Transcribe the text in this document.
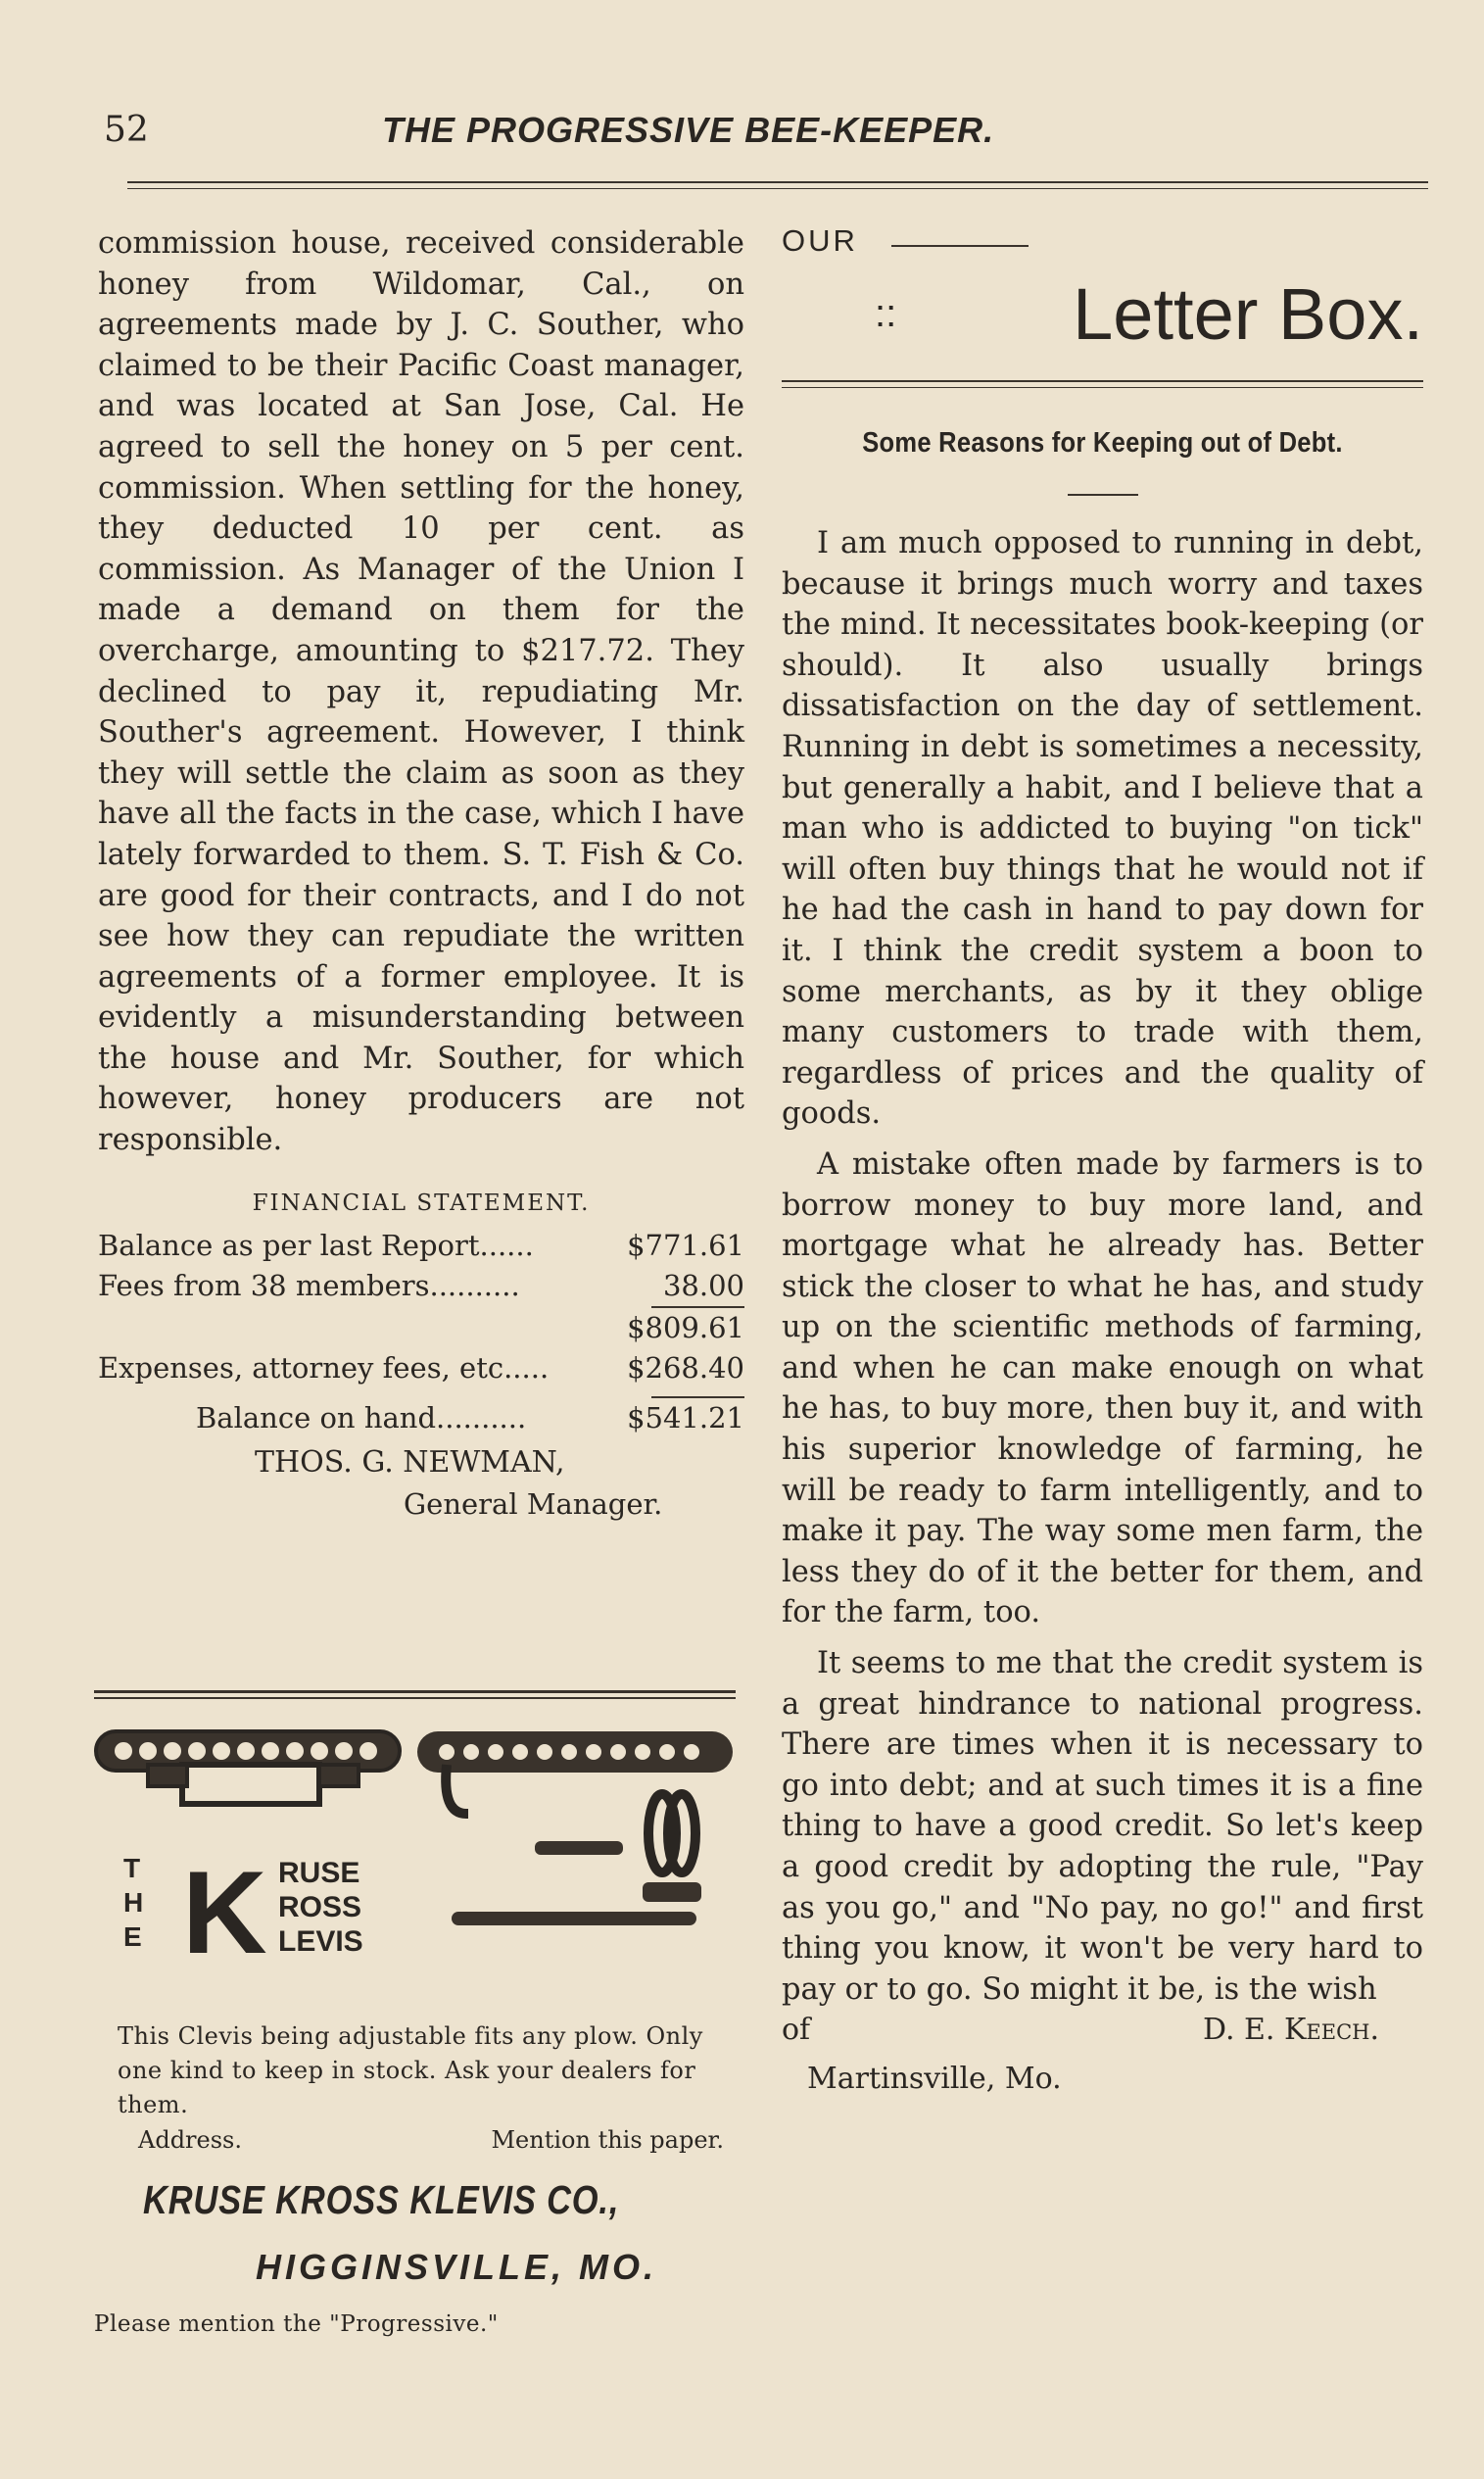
52	THE PROGRESSIVE BEE-KEEPER.

commission house, received considerable honey from Wildomar, Cal., on agreements made by J. C. Souther, who claimed to be their Pacific Coast manager, and was located at San Jose, Cal. He agreed to sell the honey on 5 per cent. commission. When settling for the honey, they deducted 10 per cent. as commission. As Manager of the Union I made a demand on them for the overcharge, amounting to $217.72. They declined to pay it, repudiating Mr. Souther's agreement. However, I think they will settle the claim as soon as they have all the facts in the case, which I have lately forwarded to them. S. T. Fish & Co. are good for their contracts, and I do not see how they can repudiate the written agreements of a former employee. It is evidently a misunderstanding between the house and Mr. Souther, for which however, honey producers are not responsible.

FINANCIAL STATEMENT.
Balance as per last Report......	$771.61
Fees from 38 members..........	38.00
$809.61
Expenses, attorney fees, etc.....	$268.40
Balance on hand..........	$541.21
THOS. G. NEWMAN,
General Manager.
T
H
E K RUSE
ROSS
LEVIS

This Clevis being adjustable fits any plow. Only one kind to keep in stock. Ask your dealers for them.

Address.	Mention this paper.
KRUSE KROSS KLEVIS CO.,
HIGGINSVILLE, MO.
Please mention the "Progressive."
OUR
:: Letter Box.
Some Reasons for Keeping out of Debt.

I am much opposed to running in debt, because it brings much worry and taxes the mind. It necessitates book-keeping (or should). It also usually brings dissatisfaction on the day of settlement. Running in debt is sometimes a necessity, but generally a habit, and I believe that a man who is addicted to buying "on tick" will often buy things that he would not if he had the cash in hand to pay down for it. I think the credit system a boon to some merchants, as by it they oblige many customers to trade with them, regardless of prices and the quality of goods.

A mistake often made by farmers is to borrow money to buy more land, and mortgage what he already has. Better stick the closer to what he has, and study up on the scientific methods of farming, and when he can make enough on what he has, to buy more, then buy it, and with his superior knowledge of farming, he will be ready to farm intelligently, and to make it pay. The way some men farm, the less they do of it the better for them, and for the farm, too.

It seems to me that the credit system is a great hindrance to national progress. There are times when it is necessary to go into debt; and at such times it is a fine thing to have a good credit. So let's keep a good credit by adopting the rule, "Pay as you go," and "No pay, no go!" and first thing you know, it won't be very hard to pay or to go. So might it be, is the wish

of	D. E. Keech.
Martinsville, Mo.
